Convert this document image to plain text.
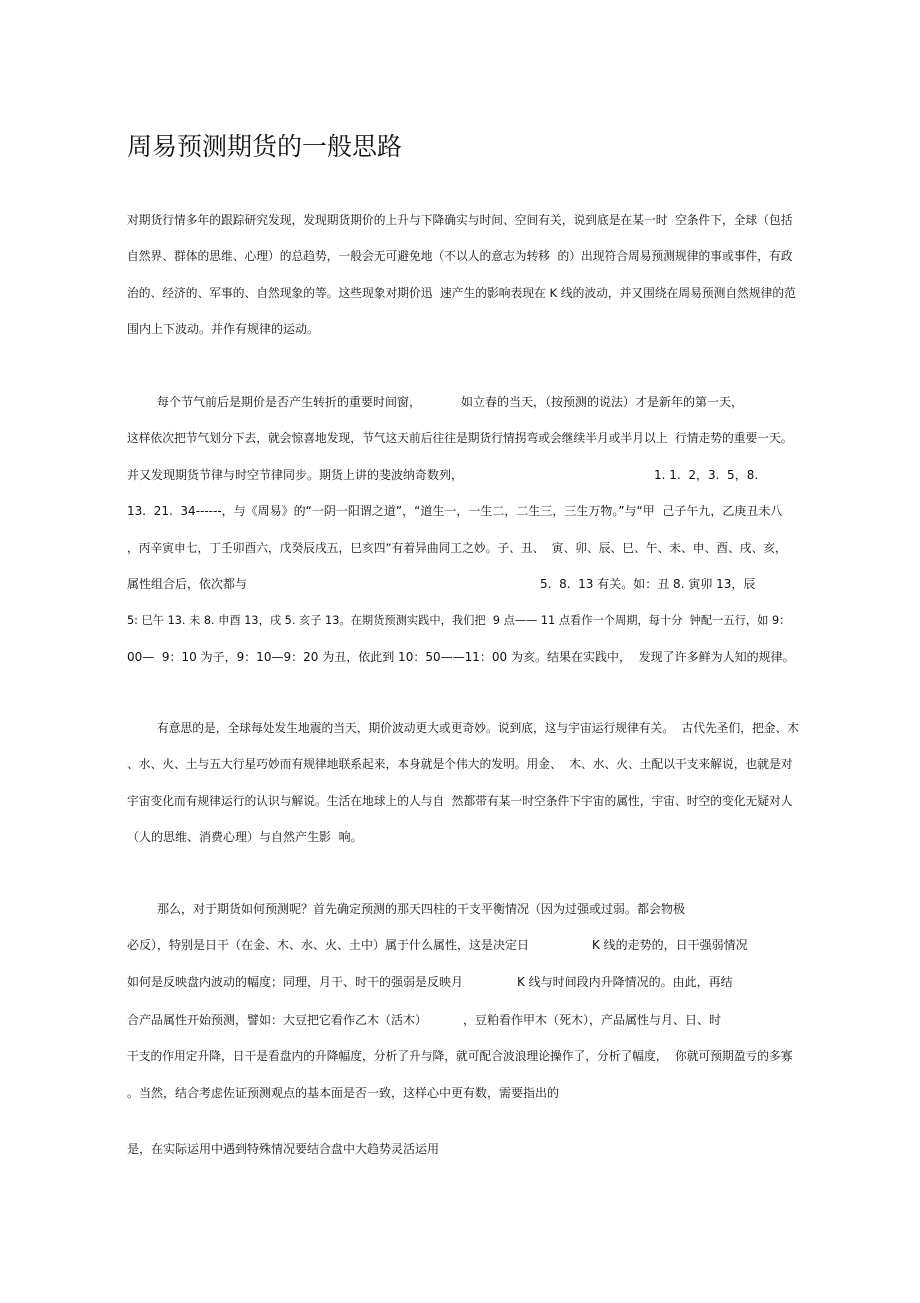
周易预测期货的一般思路
对期货行情多年的跟踪研究发现，发现期货期价的上升与下降确实与时间、空间有关，说到底是在某一时  空条件下，全球（包括
自然界、群体的思维、心理）的总趋势，一般会无可避免地（不以人的意志为转移  的）出现符合周易预测规律的事或事件，有政
治的、经济的、军事的、自然现象的等。这些现象对期价迅  速产生的影响表现在 K 线的波动，并又围绕在周易预测自然规律的范
围内上下波动。并作有规律的运动。
每个节气前后是期价是否产生转折的重要时间窗，	如立春的当天，（按预测的说法）才是新年的第一天，
这样依次把节气划分下去，就会惊喜地发现，节气这天前后往往是期货行情拐弯或会继续半月或半月以上  行情走势的重要一天。
并又发现期货节律与时空节律同步。期货上讲的斐波纳奇数列，	1. 1.  2，3.  5，8.
13.  21.  34------，与《周易》的“一阴一阳谓之道”，“道生一，一生二，二生三，三生万物。”与“甲  己子午九，乙庚丑未八
，丙辛寅申七，丁壬卯酉六，戊癸辰戌五，巳亥四”有着异曲同工之妙。子、丑、  寅、卯、辰、巳、午、未、申、酉、戌、亥，
属性组合后，依次都与	5.  8.  13 有关。如：丑 8. 寅卯 13，辰
5: 巳午 13. 未 8. 申酉 13，戌 5. 亥子 13。在期货预测实践中，我们把  9 点—— 11 点看作一个周期，每十分  钟配一五行，如 9：
00—  9：10 为子，9：10—9：20 为丑，依此到 10：50——11：00 为亥。结果在实践中，  发现了许多鲜为人知的规律。
有意思的是，全球每处发生地震的当天，期价波动更大或更奇妙。说到底，这与宇宙运行规律有关。  古代先圣们，把金、木
、水、火、土与五大行星巧妙而有规律地联系起来，本身就是个伟大的发明。用金、  木、水、火、土配以干支来解说，也就是对
宇宙变化而有规律运行的认识与解说。生活在地球上的人与自  然都带有某一时空条件下宇宙的属性，宇宙、时空的变化无疑对人
（人的思维、消费心理）与自然产生影  响。
那么，对于期货如何预测呢？首先确定预测的那天四柱的干支平衡情况（因为过强或过弱。都会物极
必反），特别是日干（在金、木、水、火、土中）属于什么属性，这是决定日	K 线的走势的，日干强弱情况
如何是反映盘内波动的幅度；同理，月干、时干的强弱是反映月	K 线与时间段内升降情况的。由此，再结
合产品属性开始预测，譬如：大豆把它看作乙木（活木）	，豆粕看作甲木（死木），产品属性与月、日、时
干支的作用定升降，日干是看盘内的升降幅度，分析了升与降，就可配合波浪理论操作了，分析了幅度，  你就可预期盈亏的多寡
。当然，结合考虑佐证预测观点的基本面是否一致，这样心中更有数，需要指出的
是，在实际运用中遇到特殊情况要结合盘中大趋势灵活运用
